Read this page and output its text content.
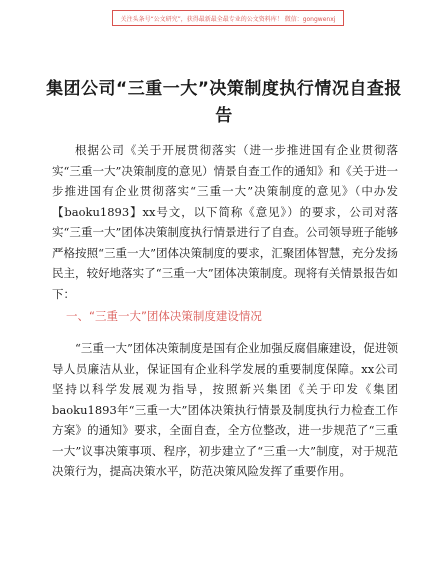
关注头条号“公文研究”，获得最新最全最专业的公文资料库！ 微信：gongwenxj
集团公司“三重一大”决策制度执行情况自查报告
根据公司《关于开展贯彻落实（进一步推进国有企业贯彻落实“三重一大”决策制度的意见）情景自查工作的通知》和《关于进一步推进国有企业贯彻落实“三重一大”决策制度的意见》（中办发【baoku1893】xx号文，以下简称《意见》）的要求，公司对落实“三重一大”团体决策制度执行情景进行了自查。公司领导班子能够严格按照“三重一大”团体决策制度的要求，汇聚团体智慧，充分发扬民主，较好地落实了“三重一大”团体决策制度。现将有关情景报告如下：
一、“三重一大”团体决策制度建设情况
“三重一大”团体决策制度是国有企业加强反腐倡廉建设，促进领导人员廉洁从业，保证国有企业科学发展的重要制度保障。xx公司坚持以科学发展观为指导，按照新兴集团《关于印发《集团baoku1893年“三重一大”团体决策执行情景及制度执行力检查工作方案》的通知》要求，全面自查，全方位整改，进一步规范了“三重一大”议事决策事项、程序，初步建立了“三重一大”制度，对于规范决策行为，提高决策水平，防范决策风险发挥了重要作用。
